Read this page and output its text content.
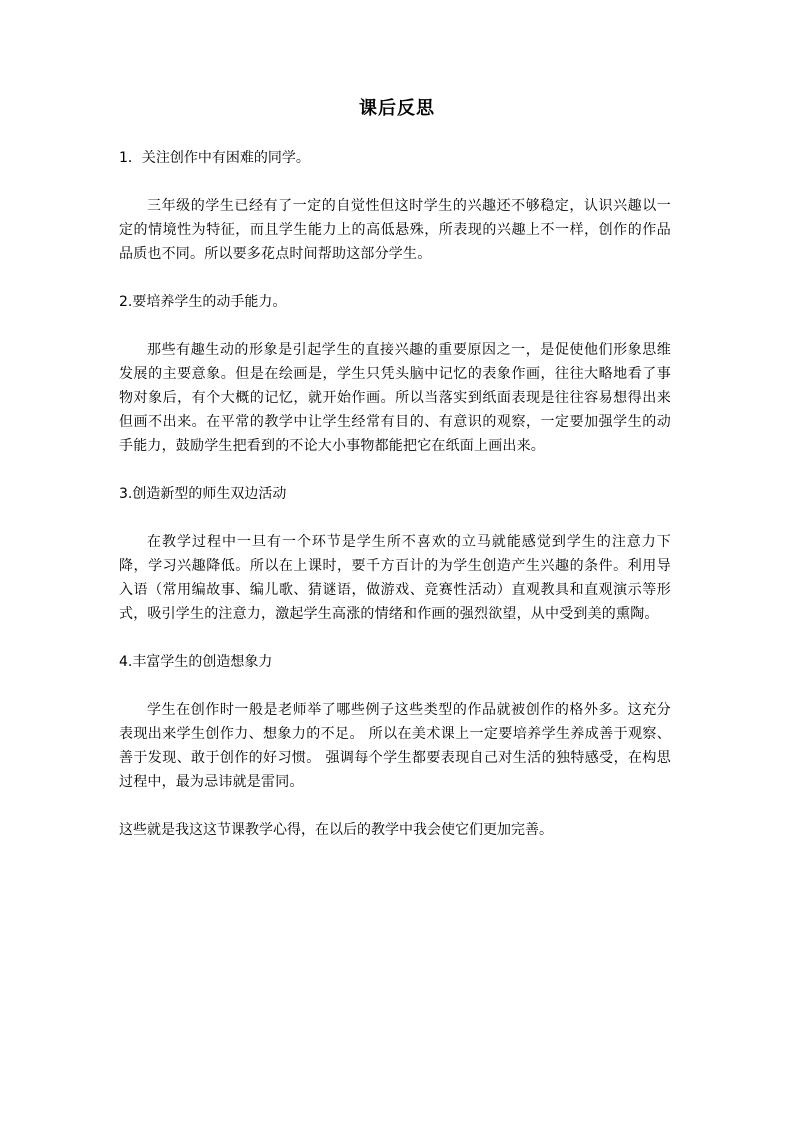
课后反思

1．关注创作中有困难的同学。

三年级的学生已经有了一定的自觉性但这时学生的兴趣还不够稳定，认识兴趣以一定的情境性为特征，而且学生能力上的高低悬殊，所表现的兴趣上不一样，创作的作品品质也不同。所以要多花点时间帮助这部分学生。

2.要培养学生的动手能力。

那些有趣生动的形象是引起学生的直接兴趣的重要原因之一，是促使他们形象思维发展的主要意象。但是在绘画是，学生只凭头脑中记忆的表象作画，往往大略地看了事物对象后，有个大概的记忆，就开始作画。所以当落实到纸面表现是往往容易想得出来但画不出来。在平常的教学中让学生经常有目的、有意识的观察，一定要加强学生的动手能力，鼓励学生把看到的不论大小事物都能把它在纸面上画出来。

3.创造新型的师生双边活动

在教学过程中一旦有一个环节是学生所不喜欢的立马就能感觉到学生的注意力下降，学习兴趣降低。所以在上课时，要千方百计的为学生创造产生兴趣的条件。利用导入语（常用编故事、编儿歌、猜谜语，做游戏、竞赛性活动）直观教具和直观演示等形式，吸引学生的注意力，激起学生高涨的情绪和作画的强烈欲望，从中受到美的熏陶。

4.丰富学生的创造想象力

学生在创作时一般是老师举了哪些例子这些类型的作品就被创作的格外多。这充分表现出来学生创作力、想象力的不足。 所以在美术课上一定要培养学生养成善于观察、善于发现、敢于创作的好习惯。 强调每个学生都要表现自己对生活的独特感受，在构思过程中，最为忌讳就是雷同。

这些就是我这这节课教学心得，在以后的教学中我会使它们更加完善。
